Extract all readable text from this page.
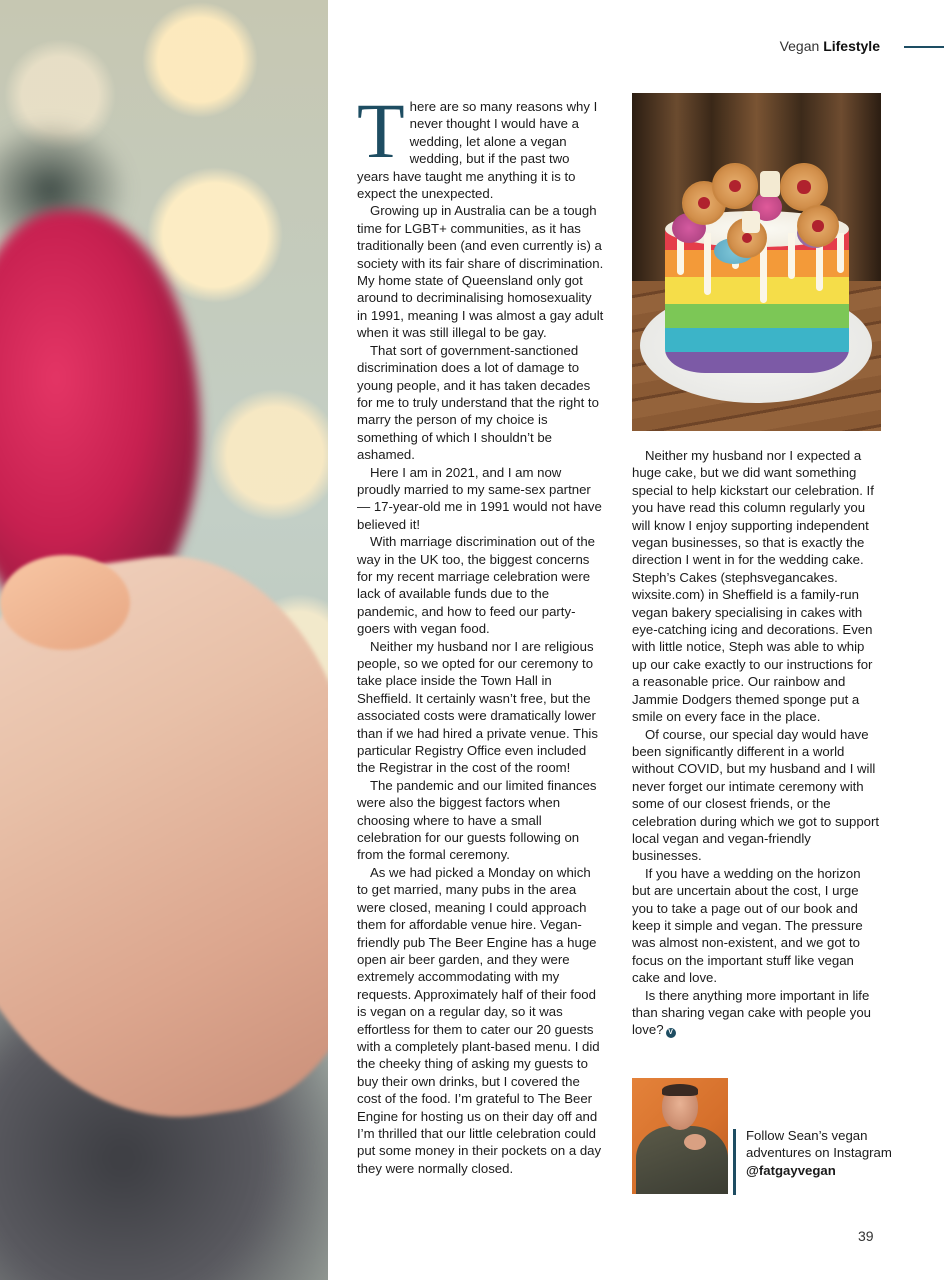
Vegan Lifestyle

There are so many reasons why I never thought I would have a wedding, let alone a vegan wedding, but if the past two years have taught me anything it is to expect the unexpected.

Growing up in Australia can be a tough time for LGBT+ communities, as it has traditionally been (and even currently is) a society with its fair share of discrimination. My home state of Queensland only got around to decriminalising homosexuality in 1991, meaning I was almost a gay adult when it was still illegal to be gay.

That sort of government-sanctioned discrimination does a lot of damage to young people, and it has taken decades for me to truly understand that the right to marry the person of my choice is something of which I shouldn’t be ashamed.

Here I am in 2021, and I am now proudly married to my same-sex partner — 17-year-old me in 1991 would not have believed it!

With marriage discrimination out of the way in the UK too, the biggest concerns for my recent marriage celebration were lack of available funds due to the pandemic, and how to feed our party-goers with vegan food.

Neither my husband nor I are religious people, so we opted for our ceremony to take place inside the Town Hall in Sheffield. It certainly wasn’t free, but the associated costs were dramatically lower than if we had hired a private venue. This particular Registry Office even included the Registrar in the cost of the room!

The pandemic and our limited finances were also the biggest factors when choosing where to have a small celebration for our guests following on from the formal ceremony.

As we had picked a Monday on which to get married, many pubs in the area were closed, meaning I could approach them for affordable venue hire. Vegan-friendly pub The Beer Engine has a huge open air beer garden, and they were extremely accommodating with my requests. Approximately half of their food is vegan on a regular day, so it was effortless for them to cater our 20 guests with a completely plant-based menu. I did the cheeky thing of asking my guests to buy their own drinks, but I covered the cost of the food. I’m grateful to The Beer Engine for hosting us on their day off and I’m thrilled that our little celebration could put some money in their pockets on a day they were normally closed.

Neither my husband nor I expected a huge cake, but we did want something special to help kickstart our celebration. If you have read this column regularly you will know I enjoy supporting independent vegan businesses, so that is exactly the direction I went in for the wedding cake. Steph’s Cakes (stephsvegancakes. wixsite.com) in Sheffield is a family-run vegan bakery specialising in cakes with eye-catching icing and decorations. Even with little notice, Steph was able to whip up our cake exactly to our instructions for a reasonable price. Our rainbow and Jammie Dodgers themed sponge put a smile on every face in the place.

Of course, our special day would have been significantly different in a world without COVID, but my husband and I will never forget our intimate ceremony with some of our closest friends, or the celebration during which we got to support local vegan and vegan-friendly businesses.

If you have a wedding on the horizon but are uncertain about the cost, I urge you to take a page out of our book and keep it simple and vegan. The pressure was almost non-existent, and we got to focus on the important stuff like vegan cake and love.

Is there anything more important in life than sharing vegan cake with people you love? V

Follow Sean’s vegan adventures on Instagram
@fatgayvegan
39
